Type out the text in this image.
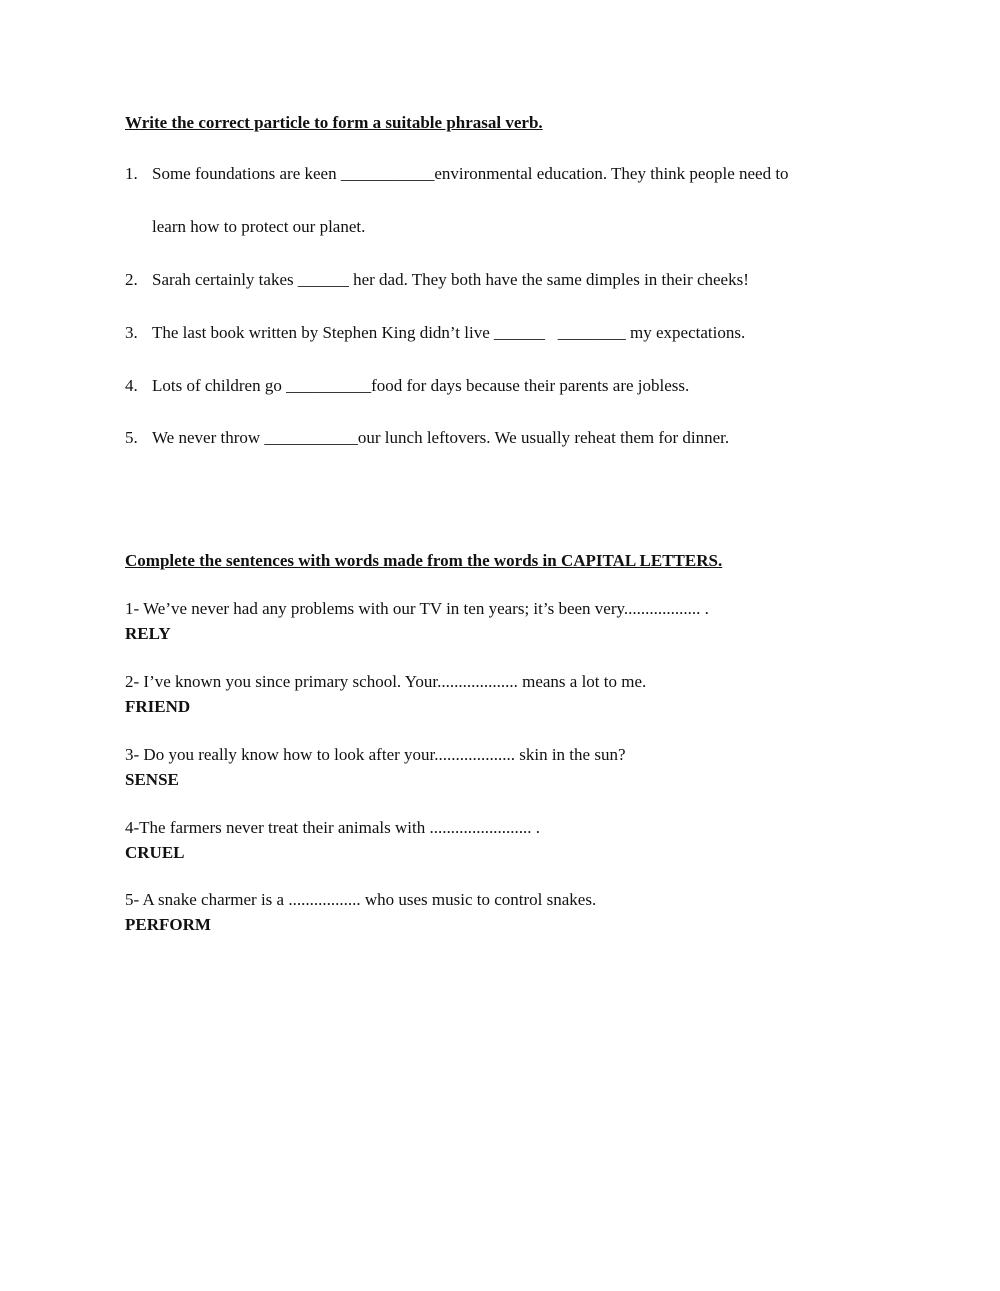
Write the correct particle to form a suitable phrasal verb.
1. Some foundations are keen ___________environmental education. They think people need to
learn how to protect our planet.
2. Sarah certainly takes ______ her dad. They both have the same dimples in their cheeks!
3. The last book written by Stephen King didn’t live ______   ________ my expectations.
4. Lots of children go __________food for days because their parents are jobless.
5. We never throw ___________our lunch leftovers. We usually reheat them for dinner.
Complete the sentences with words made from the words in CAPITAL LETTERS.
1- We’ve never had any problems with our TV in ten years; it’s been very.................. .
RELY
2- I’ve known you since primary school. Your................... means a lot to me.
FRIEND
3- Do you really know how to look after your................... skin in the sun?
SENSE
4-The farmers never treat their animals with ........................ .
CRUEL
5- A snake charmer is a ................. who uses music to control snakes.
PERFORM
